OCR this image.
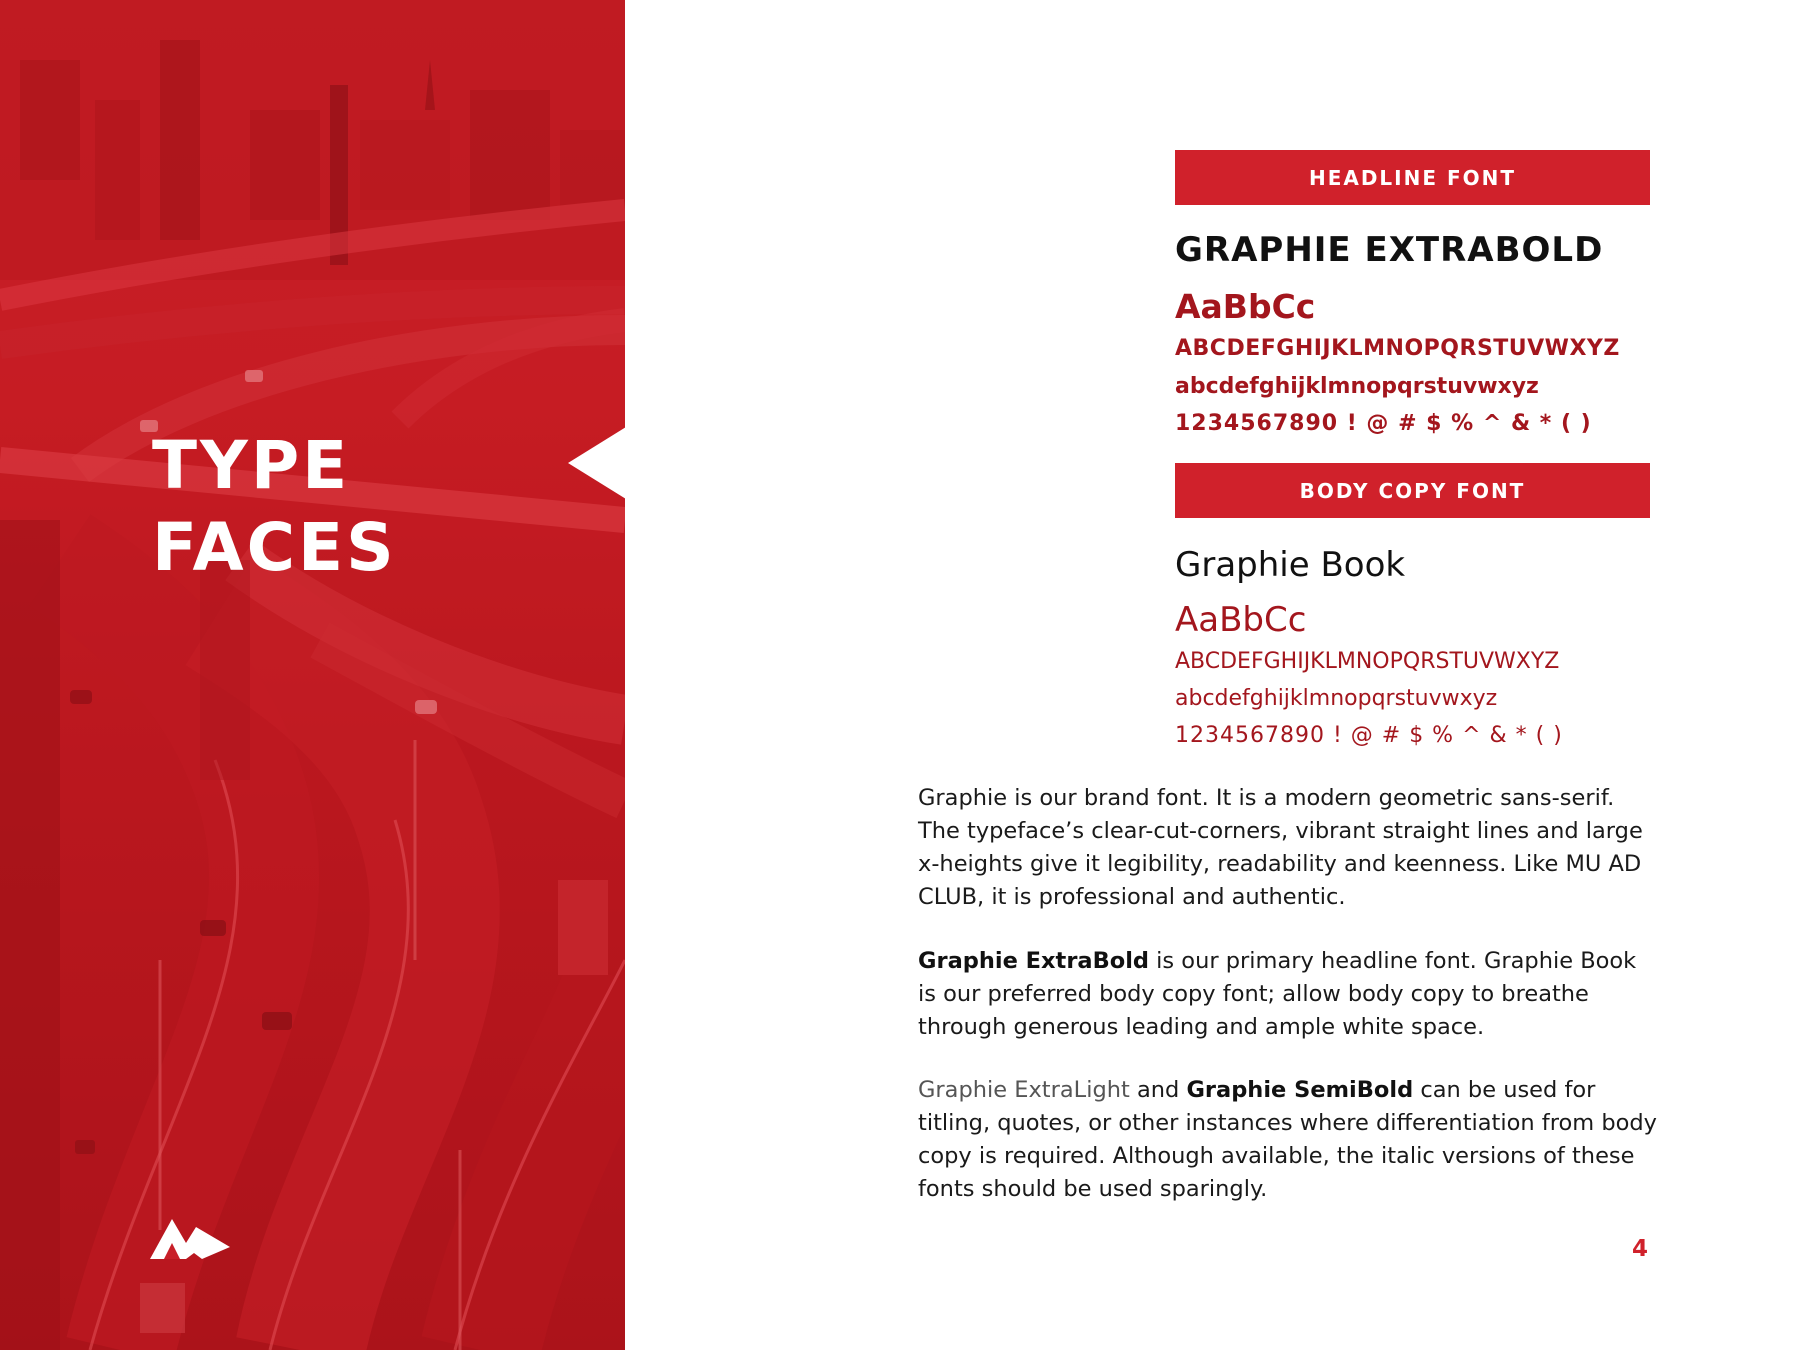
TYPE
FACES
HEADLINE FONT
GRAPHIE EXTRABOLD
AaBbCc
ABCDEFGHIJKLMNOPQRSTUVWXYZ
abcdefghijklmnopqrstuvwxyz
1234567890 ! @ # $ % ^ & * ( )
BODY COPY FONT
Graphie Book
AaBbCc
ABCDEFGHIJKLMNOPQRSTUVWXYZ
abcdefghijklmnopqrstuvwxyz
1234567890 ! @ # $ % ^ & * ( )

Graphie is our brand font. It is a modern geometric sans-serif. The typeface’s clear-cut-corners, vibrant straight lines and large x-heights give it legibility, readability and keenness. Like MU AD CLUB, it is professional and authentic.

Graphie ExtraBold is our primary headline font. Graphie Book is our preferred body copy font; allow body copy to breathe through generous leading and ample white space.

Graphie ExtraLight and Graphie SemiBold can be used for titling, quotes, or other instances where differentiation from body copy is required. Although available, the italic versions of these fonts should be used sparingly.

4
